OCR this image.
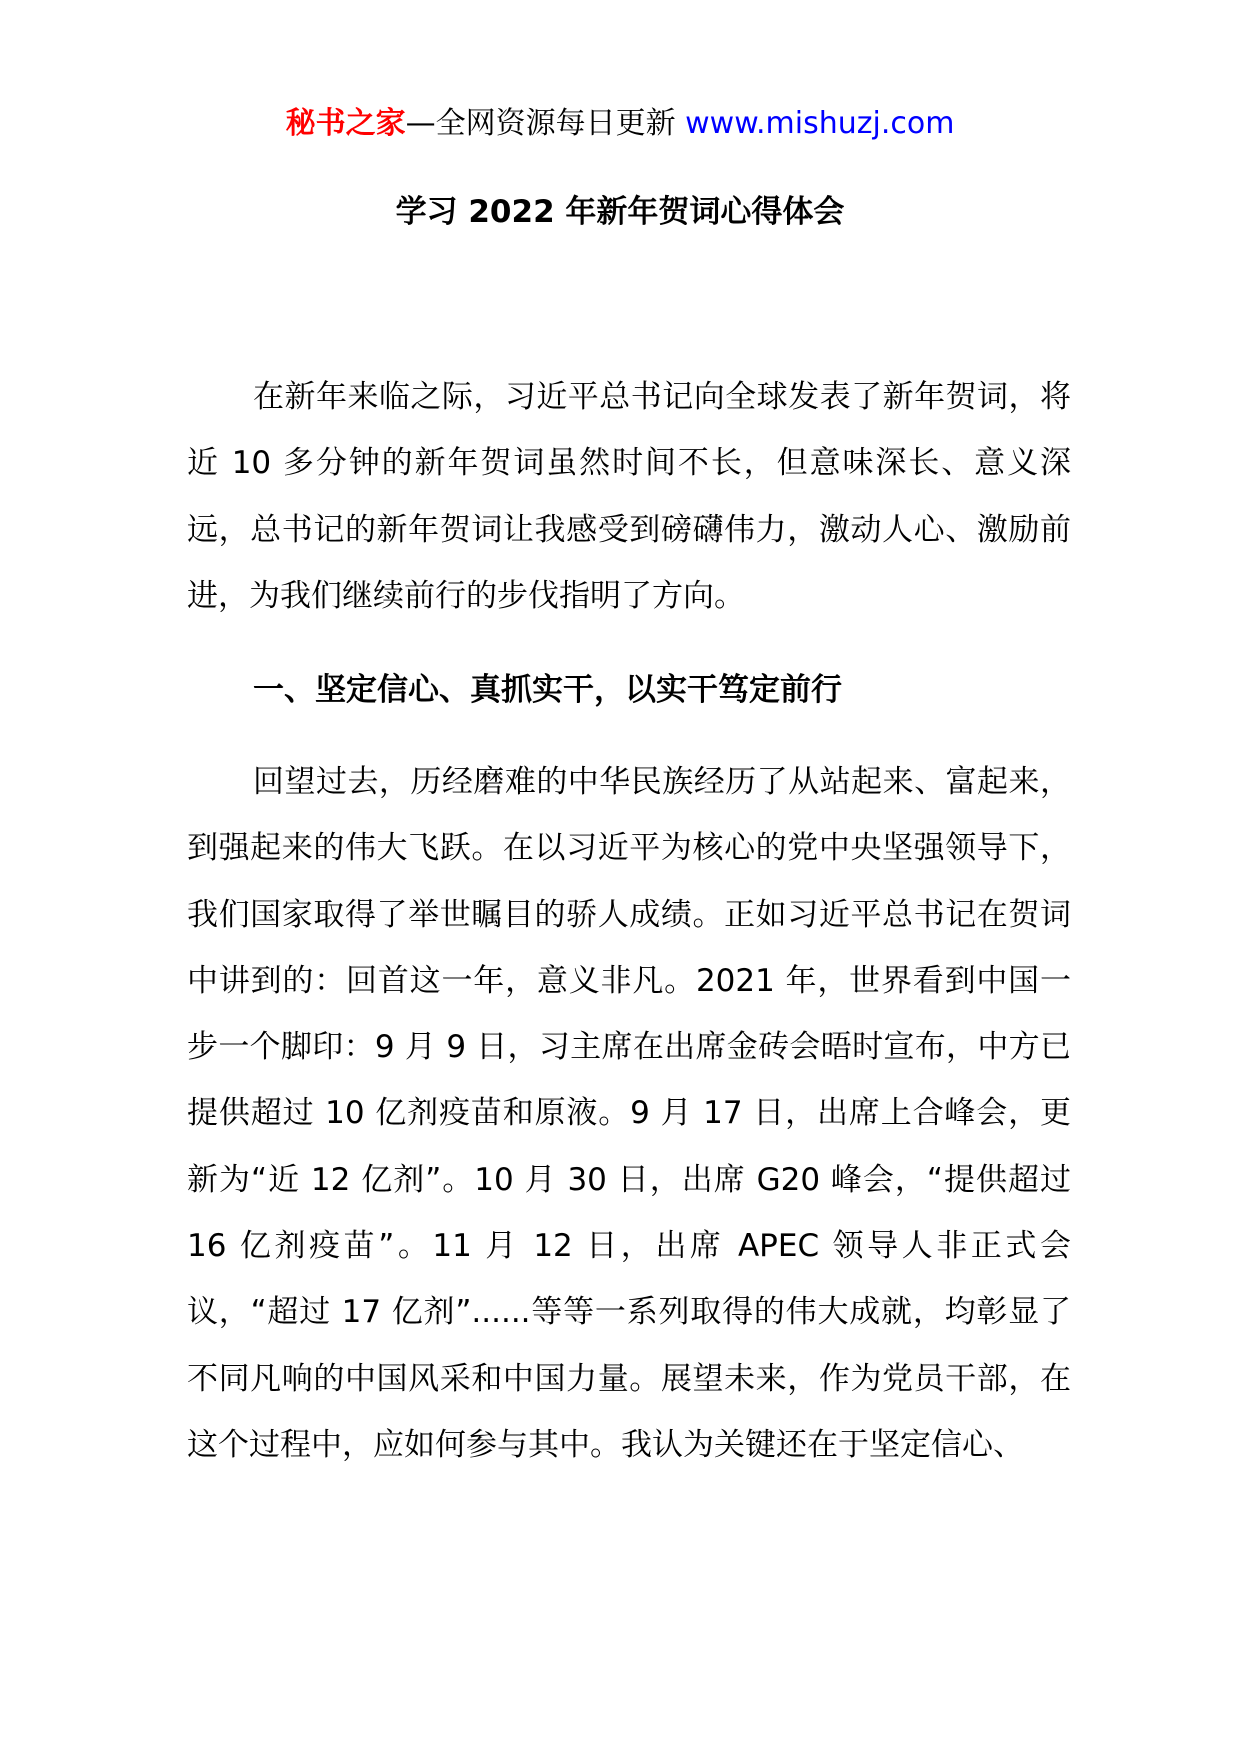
秘书之家—全网资源每日更新 www.mishuzj.com
学习 2022 年新年贺词心得体会

在新年来临之际，习近平总书记向全球发表了新年贺词，将近 10 多分钟的新年贺词虽然时间不长，但意味深长、意义深远，总书记的新年贺词让我感受到磅礴伟力，激动人心、激励前进，为我们继续前行的步伐指明了方向。

一、坚定信心、真抓实干，以实干笃定前行

回望过去，历经磨难的中华民族经历了从站起来、富起来，到强起来的伟大飞跃。在以习近平为核心的党中央坚强领导下，我们国家取得了举世瞩目的骄人成绩。正如习近平总书记在贺词中讲到的：回首这一年，意义非凡。2021 年，世界看到中国一步一个脚印：9 月 9 日，习主席在出席金砖会晤时宣布，中方已提供超过 10 亿剂疫苗和原液。9 月 17 日，出席上合峰会，更新为“近 12 亿剂”。10 月 30 日，出席 G20 峰会，“提供超过 16 亿剂疫苗”。11 月 12 日，出席 APEC 领导人非正式会议，“超过 17 亿剂”......等等一系列取得的伟大成就，均彰显了不同凡响的中国风采和中国力量。展望未来，作为党员干部，在这个过程中，应如何参与其中。我认为关键还在于坚定信心、
